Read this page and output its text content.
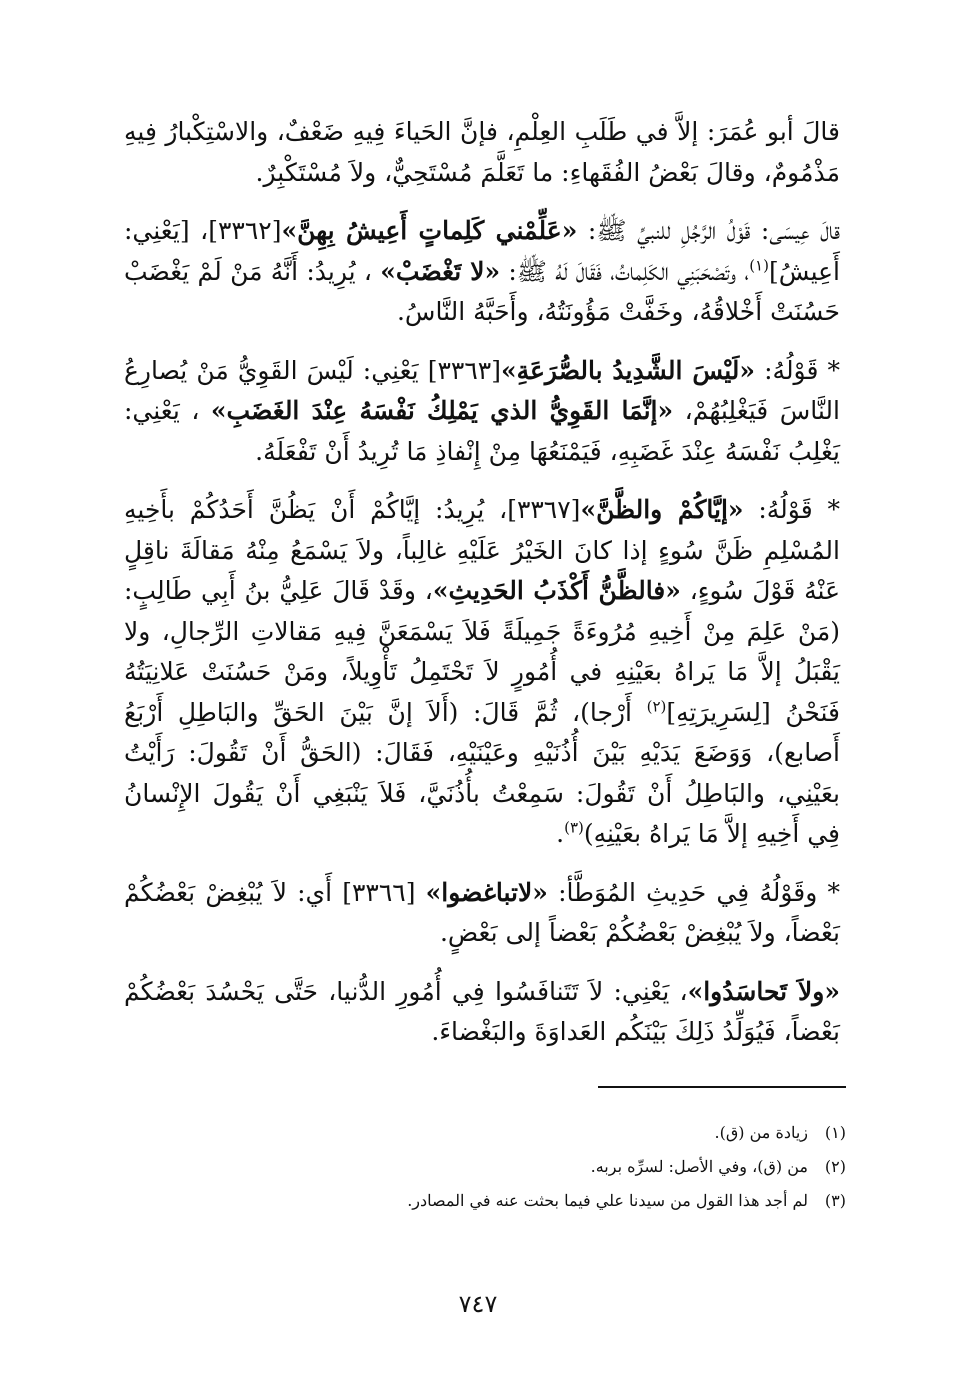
قالَ أبو عُمَرَ: إلاَّ في طَلَبِ العِلْمِ، فإنَّ الحَياءَ فِيهِ ضَعْفٌ، والاسْتِكْبارُ فِيهِ مَذْمُومٌ، وقالَ بَعْضُ الفُقَهاءِ: ما تَعَلَّمَ مُسْتَحِيٌّ، ولاَ مُسْتَكْبِرٌ.

قالَ عِيسَى: قَوْلُ الرَّجُلِ للنبيِّ ﷺ: «عَلِّمْني كَلِماتٍ أَعِيشُ بِهِنَّ»[٣٣٦٢]، [يَعْنِي: أَعِيشُ]$^{(١)}$، وتَصْحَبَنِي الكَلِماتُ، فَقَالَ لَهُ ﷺ: «لا تَغْضَبْ» ، يُرِيدُ: أَنَّهُ مَنْ لَمْ يَغْضَبْ حَسُنَتْ أَخْلاقُهُ، وخَفَّتْ مَؤُونَتُهُ، وأَحَبَّهُ النَّاسُ.

* قَوْلُهُ: «لَيْسَ الشَّدِيدُ بالصُّرَعَةِ»[٣٣٦٣] يَعْنِي: لَيْسَ القَوِيُّ مَنْ يُصارِعُ النَّاسَ فَيَغْلِبُهُمْ، «إنَّمَا القَوِيُّ الذي يَمْلِكُ نَفْسَهُ عِنْدَ الغَضَبِ» ، يَعْنِي: يَغْلِبُ نَفْسَهُ عِنْدَ غَضَبِهِ، فَيَمْنَعُهَا مِنْ إِنْفاذِ مَا تُرِيدُ أَنْ تَفْعَلَهُ.

* قَوْلُهُ: «إيَّاكُمْ والظَّنَّ»[٣٣٦٧]، يُرِيدُ: إيَّاكُمْ أَنْ يَظُنَّ أَحَدُكُمْ بأَخِيهِ المُسْلِمِ ظَنَّ سُوءٍ إذا كانَ الخَيْرُ عَلَيْهِ غالِباً، ولاَ يَسْمَعُ مِنْهُ مَقالَةَ ناقِلٍ عَنْهُ قَوْلَ سُوءٍ، «فالظَّنُّ أَكْذَبُ الحَدِيثِ»، وقَدْ قَالَ عَلِيُّ بنُ أَبِي طَالِبٍ: (مَنْ عَلِمَ مِنْ أَخِيهِ مُرُوءَةً جَمِيلَةً فَلاَ يَسْمَعَنَّ فِيهِ مَقالاتِ الرِّجالِ، ولا يَقْبَلُ إلاَّ مَا يَراهُ بعَيْنِهِ في أُمُورٍ لاَ تَحْتَمِلُ تَأْوِيلاً، ومَنْ حَسُنَتْ عَلانِيَتُهُ فَنَحْنُ [لِسَرِيرَتِهِ]$^{(٢)}$ أَرْجا)، ثُمَّ قَالَ: (أَلاَ إنَّ بَيْنَ الحَقِّ والبَاطِلِ أَرْبَعُ أَصابع)، وَوَضَعَ يَدَيْهِ بَيْنَ أُذُنَيْهِ وعَيْنَيْهِ، فَقَالَ: (الحَقُّ أَنْ تَقُولَ: رَأَيْتُ بعَيْنِي، والبَاطِلُ أَنْ تَقُولَ: سَمِعْتُ بأُذُنَيَّ، فَلاَ يَنْبَغِي أَنْ يَقُولَ الإِنْسانُ فِي أَخِيهِ إلاَّ مَا يَراهُ بعَيْنِهِ)$^{(٣)}$.

* وقَوْلُهُ فِي حَدِيثِ المُوَطَّأ: «لاتباغضوا» [٣٣٦٦] أَي: لاَ يُبْغِضْ بَعْضُكُمْ بَعْضاً، ولاَ يُبْغِضْ بَعْضُكُمْ بَعْضاً إلى بَعْضٍ.

«ولاَ تَحاسَدُوا»، يَعْنِي: لاَ تَتَنافَسُوا فِي أُمُورِ الدُّنيا، حَتَّى يَحْسُدَ بَعْضُكُمْ بَعْضاً، فَيُوَلِّدُ ذَلِكَ بَيْنَكُم العَداوَةَ والبَغْضاءَ.

(١)زيادة من (ق).
(٢)من (ق)، وفي الأصل: لسرِّه بربه.
(٣)لم أجد هذا القول من سيدنا علي فيما بحثت عنه في المصادر.
٧٤٧
